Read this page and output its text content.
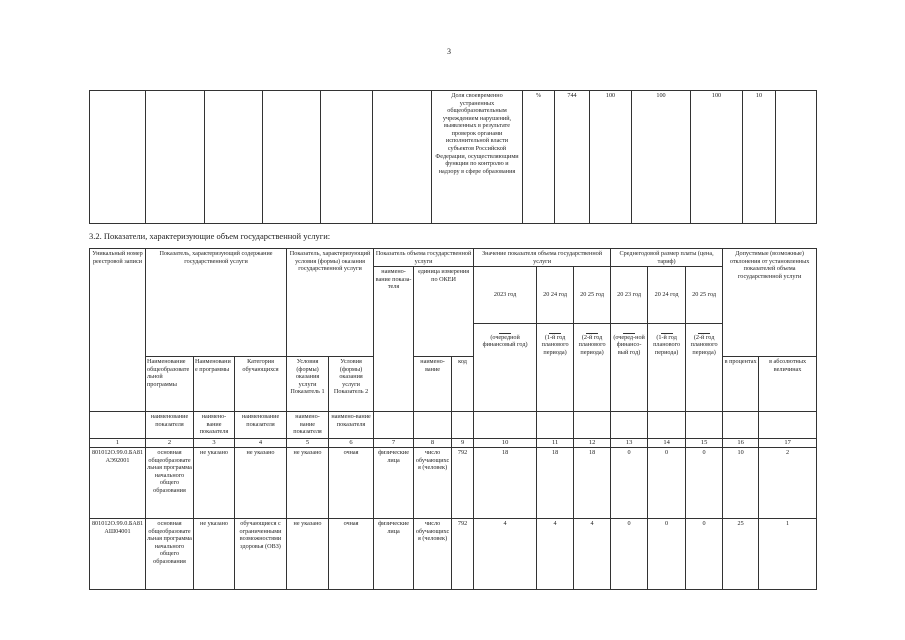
3
						Доля своевременно устраненных общеобразовательным учреждением нарушений, выявленных в результате проверок органами исполнительной власти субъектов Российской Федерации, осуществляющими функции по контролю и надзору в сфере образования	%	744	100	100	100	10	
3.2. Показатели, характеризующие объем государственной услуги:
Уникальный номер реестровой записи	Показатель, характеризующий содержание государственной услуги			Показатель, характеризующий условия (формы) оказания государственной услуги		Показатель объема государственной услуги			Значение показателя объема государственной услуги			Среднегодовой размер платы (цена, тариф)			Допустимые (возможные) отклонения от установленных показателей объема государственной услуги	
						наимено-вание показа-теля	единица измерения по ОКЕИ		2023 год	20 24 год	20 25 год	20 23 год	20 24 год	20 25 год		

(очередной финансовый год)	(1-й год планового периода)	(2-й год планового периода)	(очеред-ной финансо-вый год)	(1-й год планового периода)	(2-й год планового периода)		
	Наименование общеобразовательной программы	Наименование программы	Категория обучающихся	Условия (формы) оказания услуги Показатель 1	Условия (формы) оказания услуги Показатель 2		наимено-вание	код							в процентах	в абсолютных величинах
	наименование показателя	наимено-вание показателя	наименование показателя	наимено-вание показателя	наимено-вание показателя											
1	2	3	4	5	6	7	8	9	10	11	12	13	14	15	16	17
801012О.99.0.БА81АЭ92001	основная общеобразовательная программа начального общего образования	не указано	не указано	не указано	очная	физические лица	число обучающихся (человек)	792	18	18	18	0	0	0	10	2
801012О.99.0.БА81АШ04001	основная общеобразовательная программа начального общего образования	не указано	обучающиеся с ограниченными возможностями здоровья (ОВЗ)	не указано	очная	физические лица	число обучающихся (человек)	792	4	4	4	0	0	0	25	1
